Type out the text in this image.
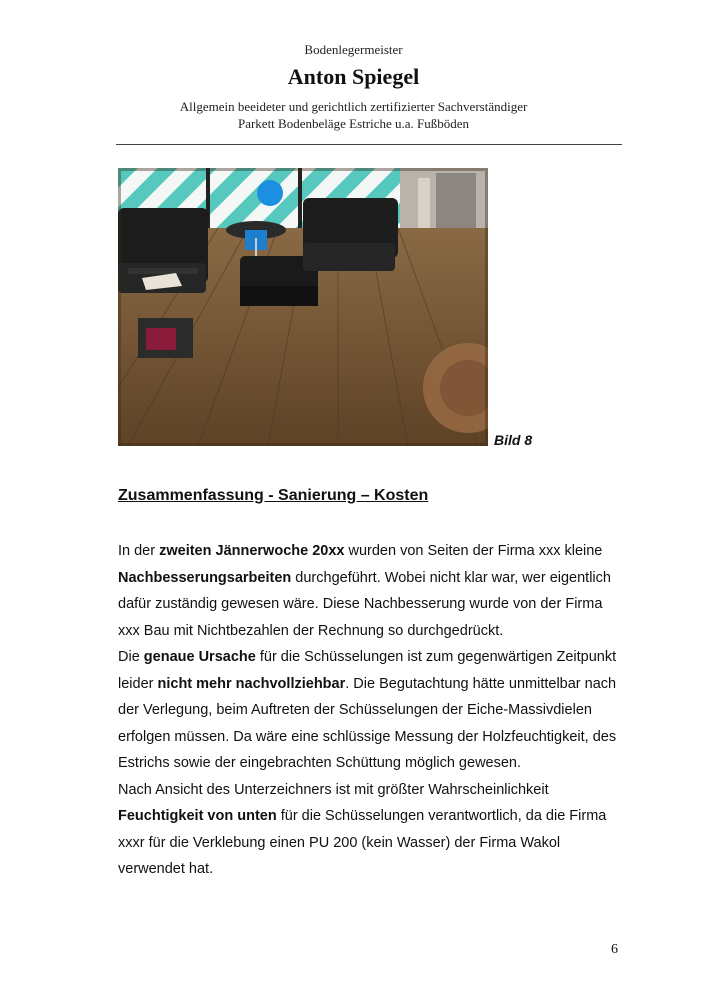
Bodenlegermeister
Anton Spiegel
Allgemein beeideter und gerichtlich zertifizierter Sachverständiger
Parkett Bodenbeläge Estriche u.a. Fußböden
Bild 8
Zusammenfassung - Sanierung – Kosten

In der zweiten Jännerwoche 20xx wurden von Seiten der Firma xxx kleine Nachbesserungsarbeiten durchgeführt. Wobei nicht klar war, wer eigentlich dafür zuständig gewesen wäre. Diese Nachbesserung wurde von der Firma xxx Bau mit Nichtbezahlen der Rechnung so durchgedrückt.

Die genaue Ursache für die Schüsselungen ist zum gegenwärtigen Zeitpunkt leider nicht mehr nachvollziehbar. Die Begutachtung hätte unmittelbar nach der Verlegung, beim Auftreten der Schüsselungen der Eiche-Massivdielen erfolgen müssen. Da wäre eine schlüssige Messung der Holzfeuchtigkeit, des Estrichs sowie der eingebrachten Schüttung möglich gewesen.

Nach Ansicht des Unterzeichners ist mit größter Wahrscheinlichkeit Feuchtigkeit von unten für die Schüsselungen verantwortlich, da die Firma xxxr für die Verklebung einen PU 200 (kein Wasser) der Firma Wakol verwendet hat.

6
